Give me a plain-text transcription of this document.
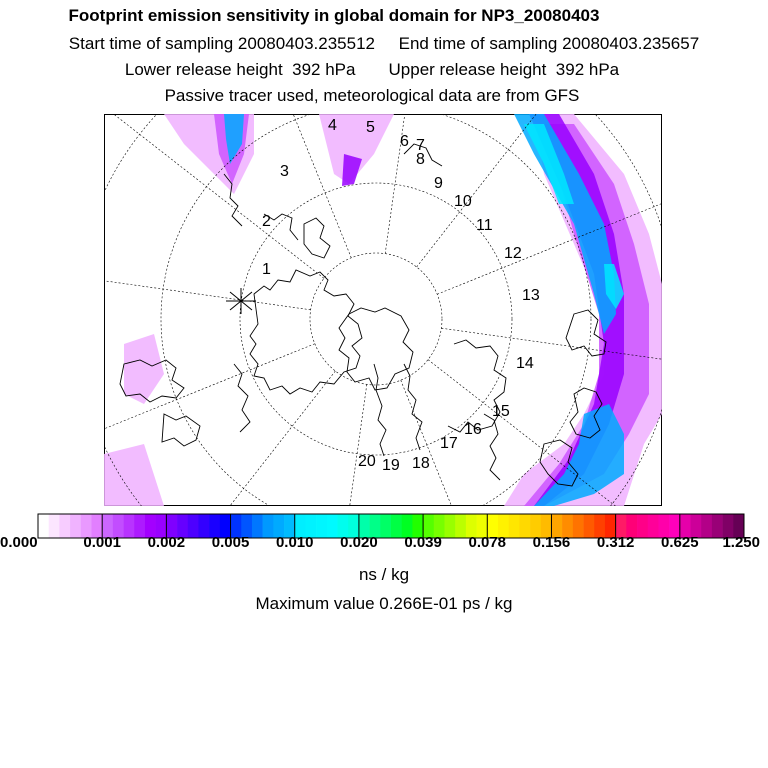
Footprint emission sensitivity in global domain for NP3_20080403
Start time of sampling 20080403.235512     End time of sampling 20080403.235657
Lower release height  392 hPa       Upper release height  392 hPa
Passive tracer used, meteorological data are from GFS
1
2
3
4 5
6 7
8
9
10
11
12
13
14
15
16
17
18
19
20
0.000	0.001 0.002 0.005 0.010 0.020 0.039 0.078 0.156 0.312 0.625 1.250
ns / kg
Maximum value 0.266E-01 ps / kg
